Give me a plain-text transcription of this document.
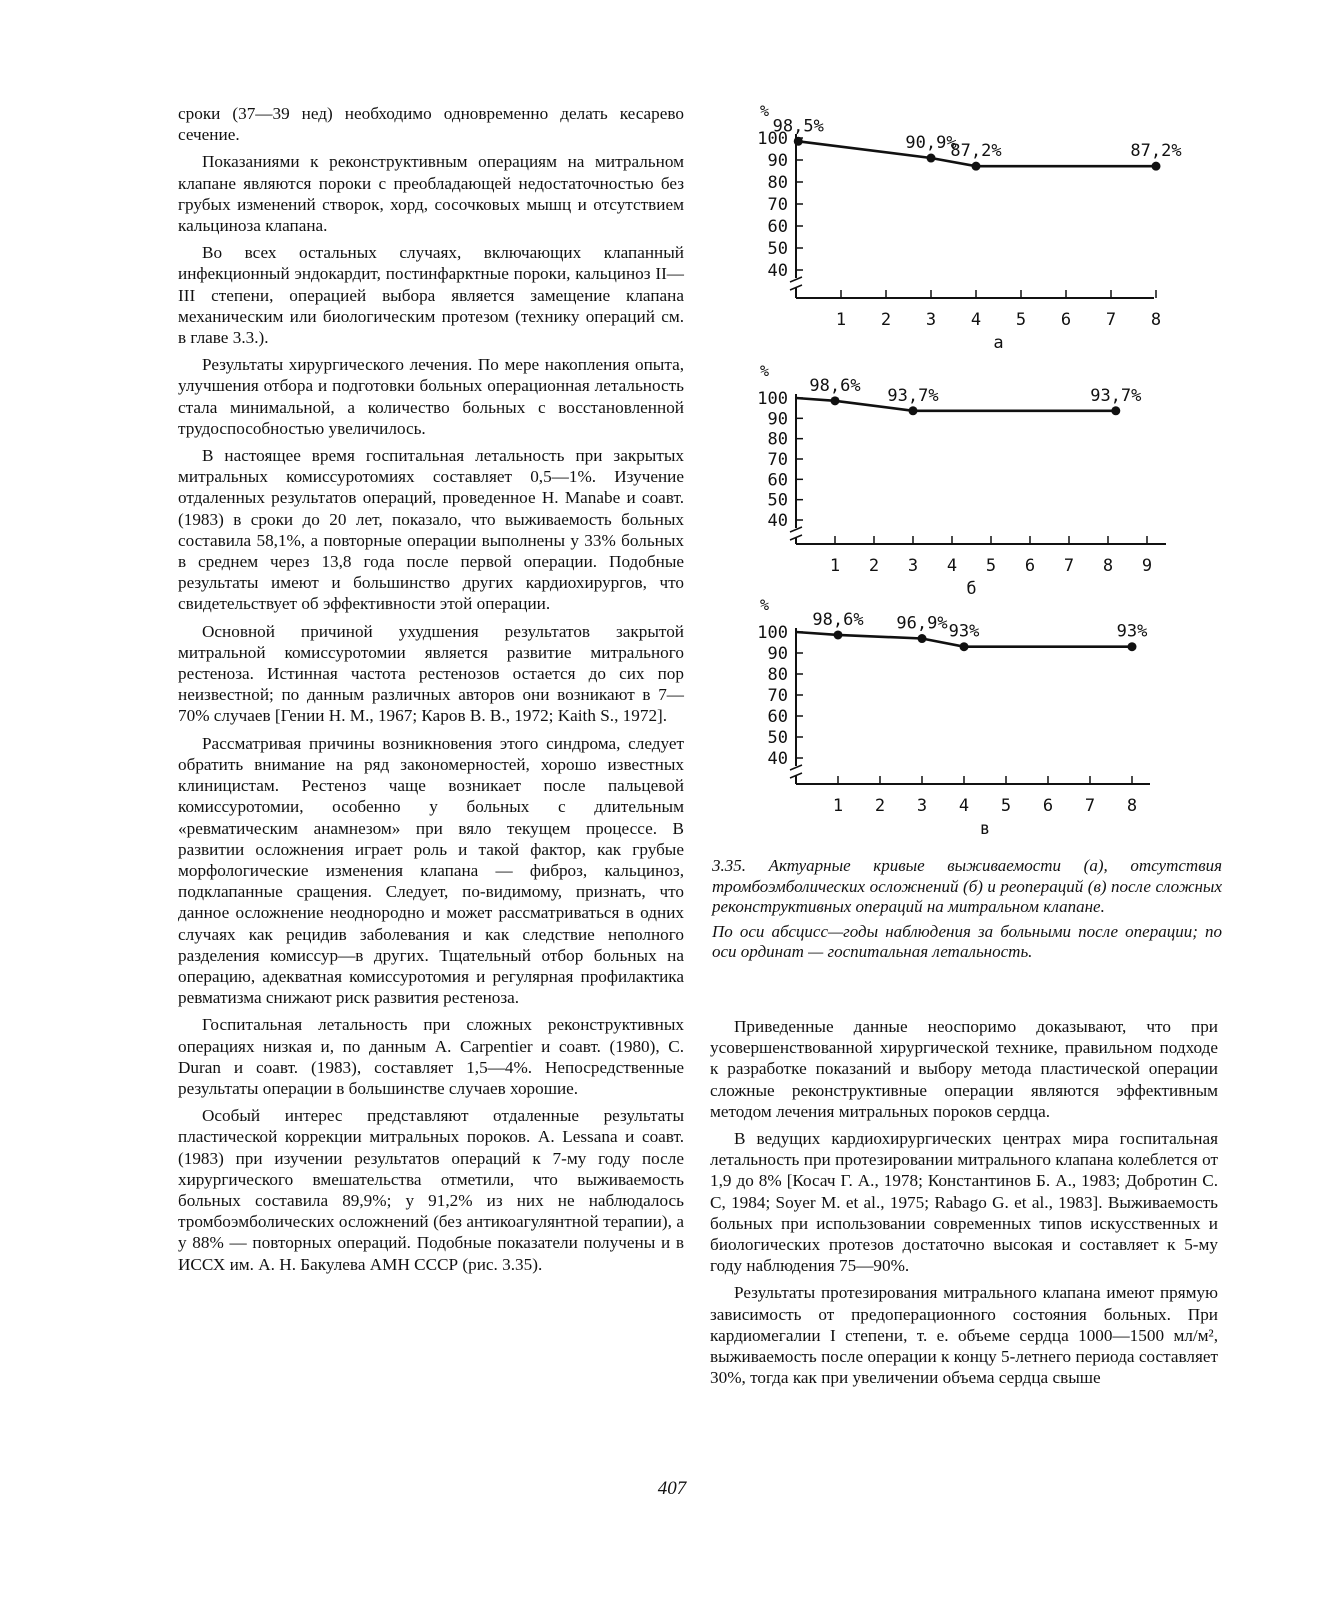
сроки (37—39 нед) необходимо одновременно делать кесарево сечение.

Показаниями к реконструктивным операциям на митральном клапане являются пороки с преобладающей недостаточностью без грубых изменений створок, хорд, сосочковых мышц и отсутствием кальциноза клапана.

Во всех остальных случаях, включающих клапанный инфекционный эндокардит, постинфарктные пороки, кальциноз II—III степени, операцией выбора является замещение клапана механическим или биологическим протезом (технику операций см. в главе 3.3.).

Результаты хирургического лечения. По мере накопления опыта, улучшения отбора и подготовки больных операционная летальность стала минимальной, а количество больных с восстановленной трудоспособностью увеличилось.

В настоящее время госпитальная летальность при закрытых митральных комиссуротомиях составляет 0,5—1%. Изучение отдаленных результатов операций, проведенное H. Manabe и соавт. (1983) в сроки до 20 лет, показало, что выживаемость больных составила 58,1%, а повторные операции выполнены у 33% больных в среднем через 13,8 года после первой операции. Подобные результаты имеют и большинство других кардиохирургов, что свидетельствует об эффективности этой операции.

Основной причиной ухудшения результатов закрытой митральной комиссуротомии является развитие митрального рестеноза. Истинная частота рестенозов остается до сих пор неизвестной; по данным различных авторов они возникают в 7—70% случаев [Гении Н. М., 1967; Каров В. В., 1972; Kaith S., 1972].

Рассматривая причины возникновения этого синдрома, следует обратить внимание на ряд закономерностей, хорошо известных клиницистам. Рестеноз чаще возникает после пальцевой комиссуротомии, особенно у больных с длительным «ревматическим анамнезом» при вяло текущем процессе. В развитии осложнения играет роль и такой фактор, как грубые морфологические изменения клапана — фиброз, кальциноз, подклапанные сращения. Следует, по-видимому, признать, что данное осложнение неоднородно и может рассматриваться в одних случаях как рецидив заболевания и как следствие неполного разделения комиссур—в других. Тщательный отбор больных на операцию, адекватная комиссуротомия и регулярная профилактика ревматизма снижают риск развития рестеноза.

Госпитальная летальность при сложных реконструктивных операциях низкая и, по данным A. Carpentier и соавт. (1980), C. Duran и соавт. (1983), составляет 1,5—4%. Непосредственные результаты операции в большинстве случаев хорошие.

Особый интерес представляют отдаленные результаты пластической коррекции митральных пороков. A. Lessana и соавт. (1983) при изучении результатов операций к 7-му году после хирургического вмешательства отметили, что выживаемость больных составила 89,9%; у 91,2% из них не наблюдалось тромбоэмболических осложнений (без антикоагулянтной терапии), а у 88% — повторных операций. Подобные показатели получены и в ИССХ им. А. Н. Бакулева АМН СССР (рис. 3.35).

%
40
50
60
70
80
90
100
1 2 3 4 5 6 7 8
а
98,5%
90,9%
87,2%	87,2%
%
40
50
60
70
80
90
100
1 2 3 4 5 6 7 8 9
б
98,6% 93,7%	93,7%
%
40
50
60
70
80
90
100
1 2 3 4 5 6 7 8
в
98,6% 96,9% 93%	93%

3.35. Актуарные кривые выживаемости (а), отсутствия тромбоэмболических осложнений (б) и реопераций (в) после сложных реконструктивных операций на митральном клапане.

По оси абсцисс—годы наблюдения за больными после операции; по оси ординат — госпитальная летальность.

Приведенные данные неоспоримо доказывают, что при усовершенствованной хирургической технике, правильном подходе к разработке показаний и выбору метода пластической операции сложные реконструктивные операции являются эффективным методом лечения митральных пороков сердца.

В ведущих кардиохирургических центрах мира госпитальная летальность при протезировании митрального клапана колеблется от 1,9 до 8% [Косач Г. А., 1978; Константинов Б. А., 1983; Добротин С. С, 1984; Soyer M. et al., 1975; Rabago G. et al., 1983]. Выживаемость больных при использовании современных типов искусственных и биологических протезов достаточно высокая и составляет к 5-му году наблюдения 75—90%.

Результаты протезирования митрального клапана имеют прямую зависимость от предоперационного состояния больных. При кардиомегалии I степени, т. е. объеме сердца 1000—1500 мл/м², выживаемость после операции к концу 5-летнего периода составляет 30%, тогда как при увеличении объема сердца свыше

407
